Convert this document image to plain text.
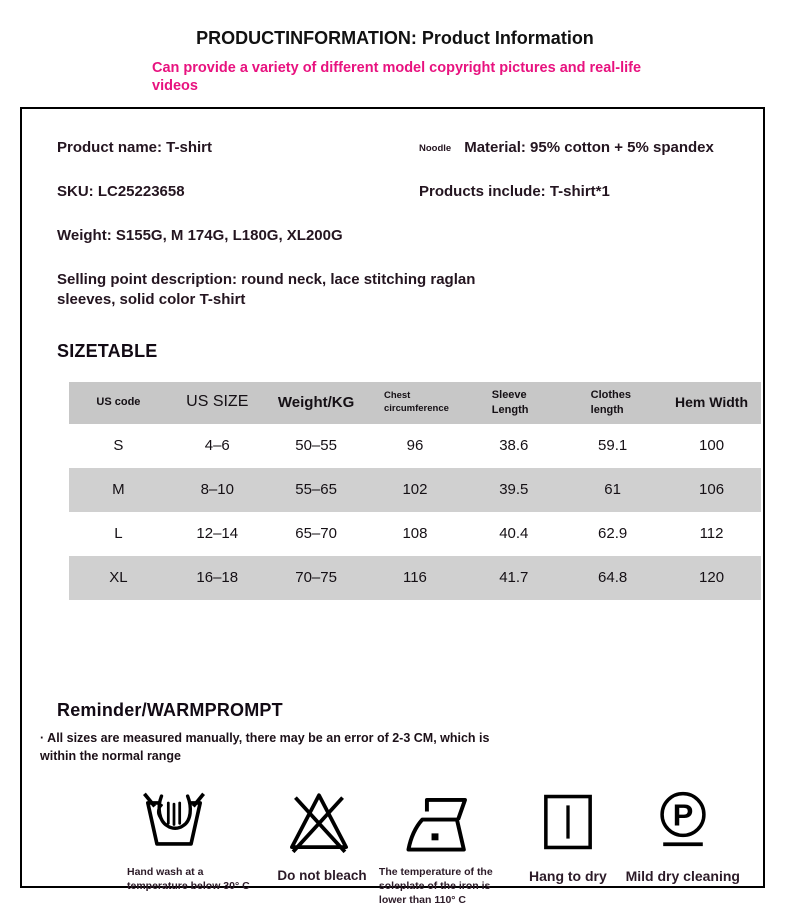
PRODUCTINFORMATION: Product Information
Can provide a variety of different model copyright pictures and real-life videos
Product name: T-shirt	Noodle Material: 95% cotton + 5% spandex
SKU: LC25223658	Products include: T-shirt*1
Weight: S155G, M 174G, L180G, XL200G
Selling point description: round neck, lace stitching raglan sleeves, solid color T-shirt
SIZETABLE
US code	US SIZE	Weight/KG	Chest circumference	Sleeve Length	Clothes length	Hem Width
S	4–6	50–55	96	38.6	59.1	100
M	8–10	55–65	102	39.5	61	106
L	12–14	65–70	108	40.4	62.9	112
XL	16–18	70–75	116	41.7	64.8	120
Reminder/WARMPROMPT
· All sizes are measured manually, there may be an error of 2-3 CM, which is within the normal range
Hand wash at a temperature below 30° C
Do not bleach	The temperature of the soleplate of the iron is lower than 110° C
Hang to dry
P
Mild dry cleaning
